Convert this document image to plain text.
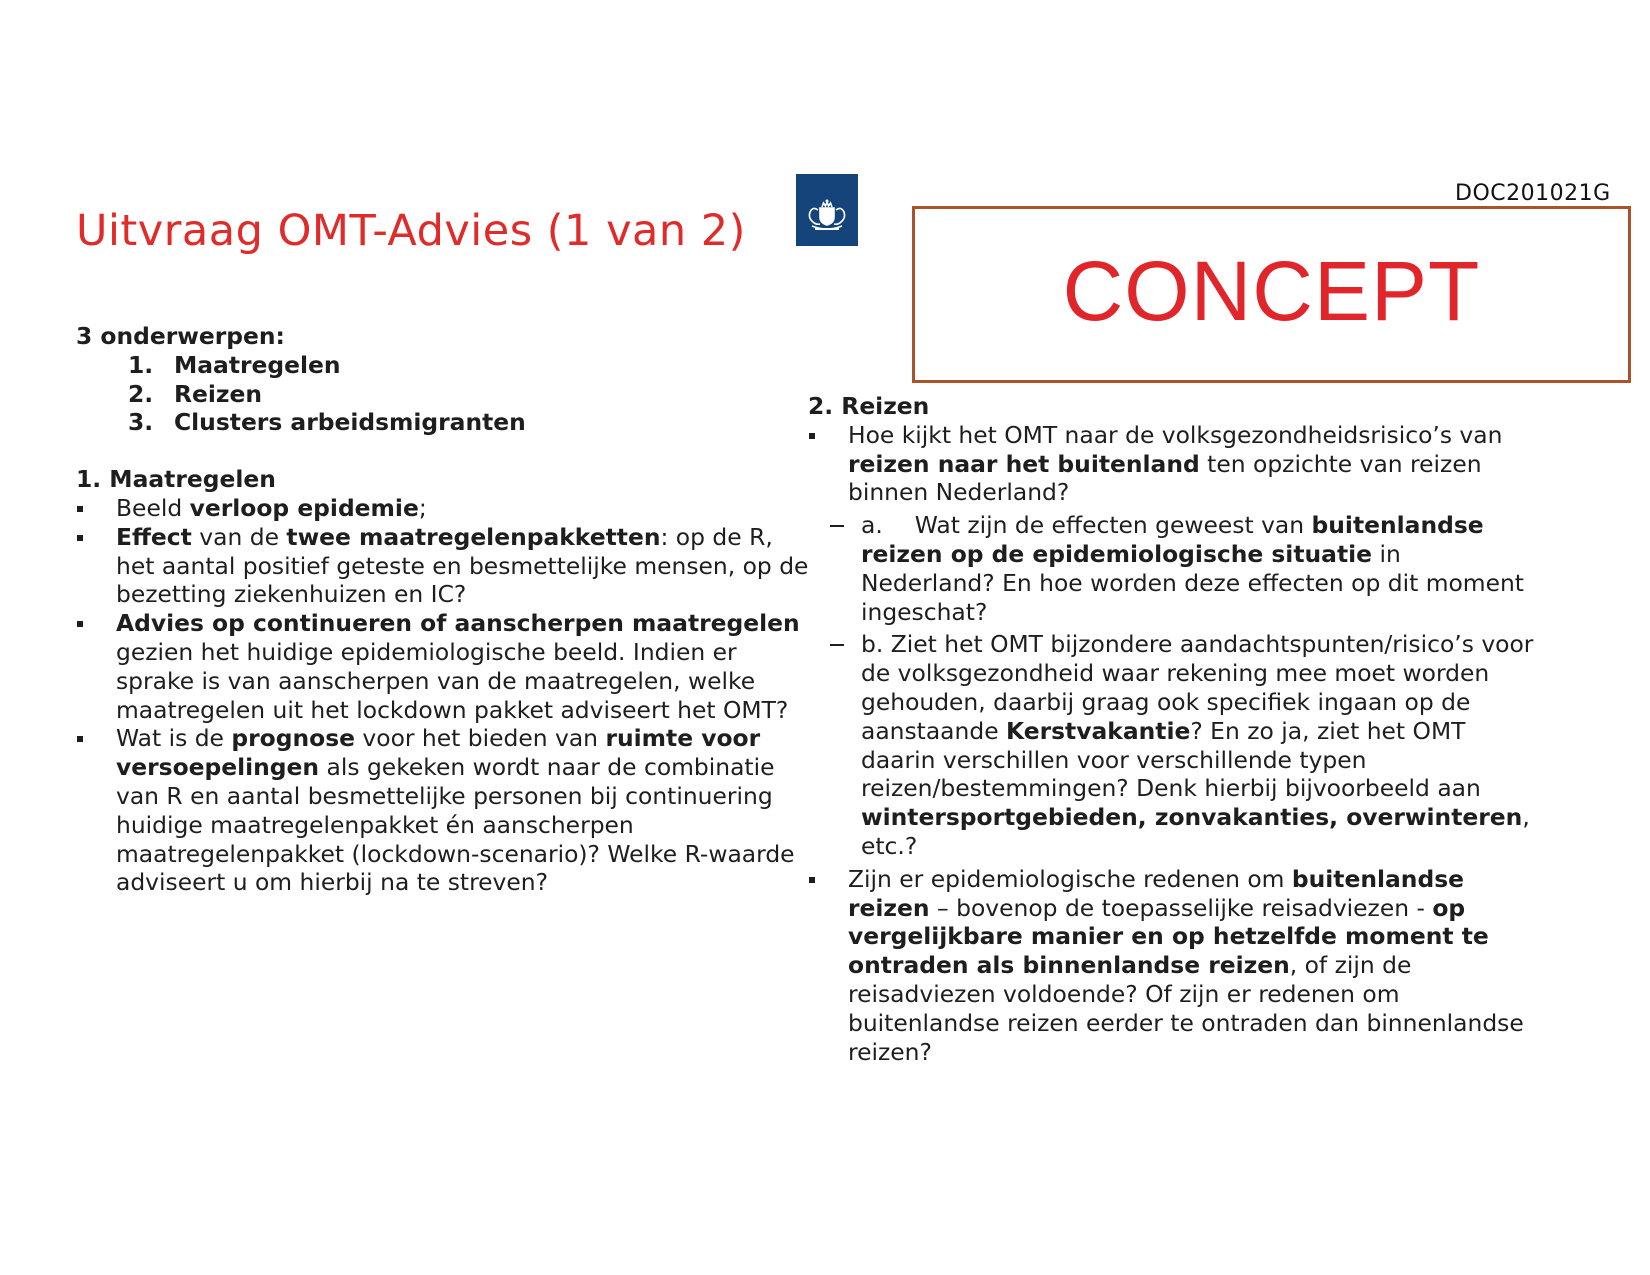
DOC201021G
Uitvraag OMT-Advies (1 van 2)
CONCEPT

3 onderwerpen:

1. Maatregelen
2. Reizen
3. Clusters arbeidsmigranten

1. Maatregelen

Beeld verloop epidemie;
Effect van de twee maatregelenpakketten: op de R, het aantal positief geteste en besmettelijke mensen, op de bezetting ziekenhuizen en IC?
Advies op continueren of aanscherpen maatregelen gezien het huidige epidemiologische beeld. Indien er sprake is van aanscherpen van de maatregelen, welke maatregelen uit het lockdown pakket adviseert het OMT?
Wat is de prognose voor het bieden van ruimte voor versoepelingen als gekeken wordt naar de combinatie van R en aantal besmettelijke personen bij continuering huidige maatregelenpakket én aanscherpen maatregelenpakket (lockdown-scenario)? Welke R-waarde adviseert u om hierbij na te streven?

2. Reizen

Hoe kijkt het OMT naar de volksgezondheidsrisico’s van reizen naar het buitenland ten opzichte van reizen binnen Nederland?
a. Wat zijn de effecten geweest van buitenlandse reizen op de epidemiologische situatie in Nederland? En hoe worden deze effecten op dit moment ingeschat?
b. Ziet het OMT bijzondere aandachtspunten/risico’s voor de volksgezondheid waar rekening mee moet worden gehouden, daarbij graag ook specifiek ingaan op de aanstaande Kerstvakantie? En zo ja, ziet het OMT daarin verschillen voor verschillende typen reizen/bestemmingen? Denk hierbij bijvoorbeeld aan wintersportgebieden, zonvakanties, overwinteren, etc.?
Zijn er epidemiologische redenen om buitenlandse reizen – bovenop de toepasselijke reisadviezen - op vergelijkbare manier en op hetzelfde moment te ontraden als binnenlandse reizen, of zijn de reisadviezen voldoende? Of zijn er redenen om buitenlandse reizen eerder te ontraden dan binnenlandse reizen?
